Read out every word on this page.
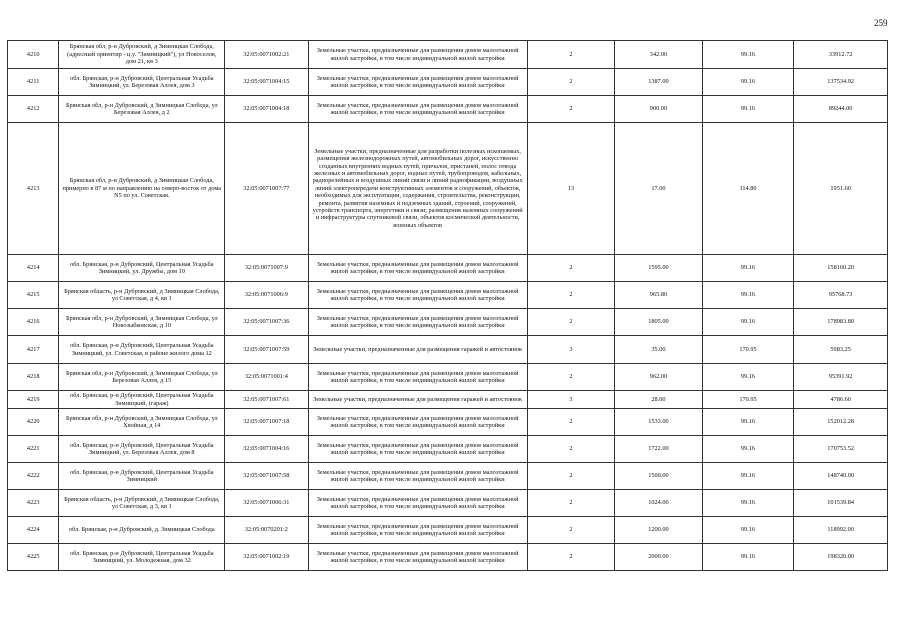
259
4210	Брянская обл, р-н Дубровский, д Зимницкая Слобода, (адресный ориентир - ц.у. "Зимницкий"), ул Новоселов, дом 21, кв 3	32:05:0071002:21	Земельные участки, предназначенные для размещения домов малоэтажной жилой застройки, в том числе индивидуальной жилой застройки	2	342.00	99.16	33912.72
4211	обл. Брянская, р-н Дубровский, Центральная Усадьба Зимницкий, ул. Березовая Аллея, дом 3	32:05:0071004:15	Земельные участки, предназначенные для размещения домов малоэтажной жилой застройки, в том числе индивидуальной жилой застройки	2	1387.00	99.16	137534.92
4212	Брянская обл, р-н Дубровский, д Зимницкая Слобода, ул Березовая Аллея, д 2	32:05:0071004:18	Земельные участки, предназначенные для размещения домов малоэтажной жилой застройки, в том числе индивидуальной жилой застройки	2	900.00	99.16	89244.00
4213	Брянская обл, р-н Дубровский, д Зимницкая Слобода, примерно в 87 м по направлению на северо-восток от дома N5 по ул. Советская.	32:05:0071007:77	Земельные участки, предназначенные для разработки полезных ископаемых, размещения железнодорожных путей, автомобильных дорог, искусственно созданных внутренних водных путей, причалов, пристаней, полос отвода железных и автомобильных дорог, водных путей, трубопроводов, кабельных, радиорелейных и воздушных линий связи и линий радиофикации, воздушных линий электропередачи конструктивных элементов и сооружений, объектов, необходимых для эксплуатации, содержания, строительства, реконструкции, ремонта, развития наземных и подземных зданий, строений, сооружений, устройств транспорта, энергетики и связи; размещения наземных сооружений и инфраструктуры спутниковой связи, объектов космической деятельности, военных объектов	13	17.00	114.80	1951.60
4214	обл. Брянская, р-н Дубровский, Центральная Усадьба Зимницкий, ул. Дружбы, дом 10	32:05:0071007:9	Земельные участки, предназначенные для размещения домов малоэтажной жилой застройки, в том числе индивидуальной жилой застройки	2	1595.00	99.16	158160.20
4215	Брянская область, р-н Дубровский, д Зимницкая Слобода, ул Советская, д 4, кв 1	32:05:0071006:9	Земельные участки, предназначенные для размещения домов малоэтажной жилой застройки, в том числе индивидуальной жилой застройки	2	965.80	99.16	95768.73
4216	Брянская обл, р-н Дубровский, д Зимницкая Слобода, ул Новозыбковская, д 10	32:05:0071007:36	Земельные участки, предназначенные для размещения домов малоэтажной жилой застройки, в том числе индивидуальной жилой застройки	2	1805.00	99.16	178983.80
4217	обл. Брянская, р-н Дубровский, Центральная Усадьба Зимницкий, ул. Советская, в районе жилого дома 12	32:05:0071007:59	Земельные участки, предназначенные для размещения гаражей и автостоянок	3	35.00	170.95	5983.25
4218	Брянская обл, р-н Дубровский, д Зимницкая Слобода, ул Березовая Аллея, д 15	32:05:0071001:4	Земельные участки, предназначенные для размещения домов малоэтажной жилой застройки, в том числе индивидуальной жилой застройки	2	962.00	99.16	95391.92
4219	обл. Брянская, р-н Дубровский, Центральная Усадьба Зимницкий, (гараж)	32:05:0071007:61	Земельные участки, предназначенные для размещения гаражей и автостоянок	3	28.00	170.95	4786.60
4220	Брянская обл, р-н Дубровский, д Зимницкая Слобода, ул Хвойная, д 14	32:05:0071007:18	Земельные участки, предназначенные для размещения домов малоэтажной жилой застройки, в том числе индивидуальной жилой застройки	2	1533.00	99.16	152012.28
4221	обл. Брянская, р-н Дубровский, Центральная Усадьба Зимницкий, ул. Березовая Аллея, дом 8	32:05:0071004:16	Земельные участки, предназначенные для размещения домов малоэтажной жилой застройки, в том числе индивидуальной жилой застройки	2	1722.00	99.16	170753.52
4222	обл. Брянская, р-н Дубровский, Центральная Усадьба Зимницкий	32:05:0071007:58	Земельные участки, предназначенные для размещения домов малоэтажной жилой застройки, в том числе индивидуальной жилой застройки	2	1500.00	99.16	148740.00
4223	Брянская область, р-н Дубровский, д Зимницкая Слобода, ул Советская, д 3, кв 1	32:05:0071006:31	Земельные участки, предназначенные для размещения домов малоэтажной жилой застройки, в том числе индивидуальной жилой застройки	2	1024.00	99.16	101539.84
4224	обл. Брянская, р-н Дубровский, д. Зимницкая Слобода	32:05:0070201:2	Земельные участки, предназначенные для размещения домов малоэтажной жилой застройки, в том числе индивидуальной жилой застройки	2	1200.00	99.16	118992.00
4225	обл. Брянская, р-н Дубровский, Центральная Усадьба Зимницкий, ул. Молодежная, дом 32	32:05:0071002:19	Земельные участки, предназначенные для размещения домов малоэтажной жилой застройки, в том числе индивидуальной жилой застройки	2	2000.00	99.16	198320.00
